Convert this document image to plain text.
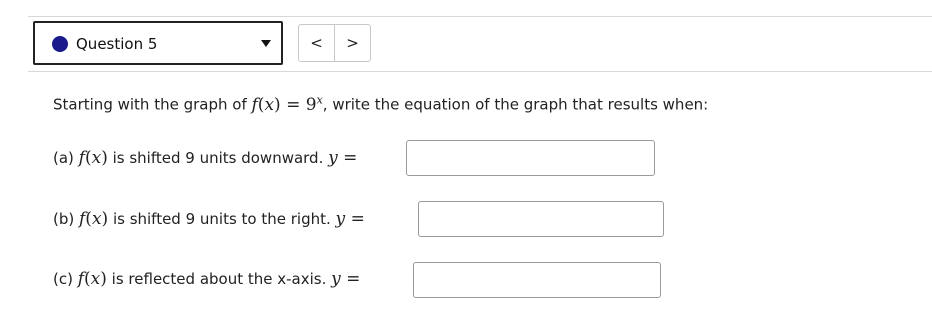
Question 5	<	>
Starting with the graph of $f(x) = 9^x$, write the equation of the graph that results when:
(a) f(x) is shifted 9 units downward. y =
(b) f(x) is shifted 9 units to the right. y =
(c) f(x) is reflected about the x-axis. y =
